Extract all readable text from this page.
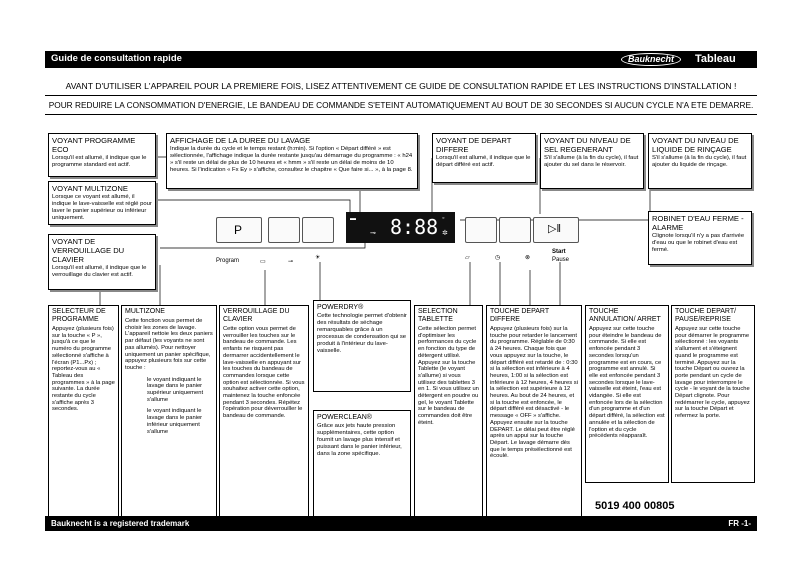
Guide de consultation rapide	Bauknecht	Tableau
AVANT D'UTILISER L'APPAREIL POUR LA PREMIERE FOIS, LISEZ ATTENTIVEMENT CE GUIDE DE CONSULTATION RAPIDE ET LES INSTRUCTIONS D'INSTALLATION !
POUR REDUIRE LA CONSOMMATION D'ENERGIE, LE BANDEAU DE COMMANDE S'ETEINT AUTOMATIQUEMENT AU BOUT DE 30 SECONDES SI AUCUN CYCLE N'A ETE DEMARRE.
VOYANT PROGRAMME ECO
Lorsqu'il est allumé, il indique que le programme standard est actif.
VOYANT MULTIZONE
Lorsque ce voyant est allumé, il indique le lave-vaisselle est réglé pour laver le panier supérieur ou inférieur uniquement.
VOYANT DE VERROUILLAGE DU CLAVIER
Lorsqu'il est allumé, il indique que le verrouillage du clavier est actif.
AFFICHAGE DE LA DUREE DU LAVAGE
Indique la durée du cycle et le temps restant (h:min). Si l'option « Départ différé » est sélectionnée, l'affichage indique la durée restante jusqu'au démarrage du programme : « h24 » s'il reste un délai de plus de 10 heures et « hmm » s'il reste un délai de moins de 10 heures. Si l'indication « Fx Ey » s'affiche, consultez le chapitre « Que faire si... », à la page 8.
VOYANT DE DEPART DIFFERE
Lorsqu'il est allumé, il indique que le départ différé est actif.
VOYANT DU NIVEAU DE SEL REGENERANT
S'il s'allume (à la fin du cycle), il faut ajouter du sel dans le réservoir.
VOYANT DU NIVEAU DE LIQUIDE DE RINÇAGE
S'il s'allume (à la fin du cycle), il faut ajouter du liquide de rinçage.
ROBINET D'EAU FERME - ALARME
Clignote lorsqu'il n'y a pas d'arrivée d'eau ou que le robinet d'eau est fermé.
P	▷‖
▬ 8:88
⊸
◦
✲
Program	▭	⊸
☀	▱	◷	⊗
Start
Pause
SELECTEUR DE PROGRAMME
Appuyez (plusieurs fois) sur la touche « P », jusqu'à ce que le numéro du programme sélectionné s'affiche à l'écran (P1...Px) ; reportez-vous au « Tableau des programmes » à la page suivante. La durée restante du cycle s'affiche après 3 secondes.
MULTIZONE
Cette fonction vous permet de choisir les zones de lavage. L'appareil nettoie les deux paniers par défaut (les voyants ne sont pas allumés). Pour nettoyer uniquement un panier spécifique, appuyez plusieurs fois sur cette touche :
le voyant indiquant le lavage dans le panier supérieur uniquement s'allume
le voyant indiquant le lavage dans le panier inférieur uniquement s'allume
VERROUILLAGE DU CLAVIER
Cette option vous permet de verrouiller les touches sur le bandeau de commande. Les enfants ne risquent pas dermarrer accidentellement le lave-vaisselle en appuyant sur les touches du bandeau de commandes lorsque cette option est sélectionnée. Si vous souhaitez activer cette option, maintenez la touche enfoncée pendant 3 secondes. Répétez l'opération pour déverrouiller le bandeau de commande.
POWERDRY®
Cette technologie permet d'obtenir des résultats de séchage remarquables grâce à un processus de condensation qui se produit à l'intérieur du lave-vaisselle.
POWERCLEAN®
Grâce aux jets haute pression supplémentaires, cette option fournit un lavage plus intensif et puissant dans le panier inférieur, dans la zone spécifique.
SELECTION TABLETTE
Cette sélection permet d'optimiser les performances du cycle en fonction du type de détergent utilisé. Appuyez sur la touche Tablette (le voyant s'allume) si vous utilisez des tablettes 3 en 1. Si vous utilisez un détergent en poudre ou gel, le voyant Tablette sur le bandeau de commandes doit être éteint.
TOUCHE DEPART DIFFERE
Appuyez (plusieurs fois) sur la touche pour retarder le lancement du programme. Réglable de 0:30 à 24 heures. Chaque fois que vous appuyez sur la touche, le départ différé est retardé de : 0:30 si la sélection est inférieure à 4 heures, 1:00 si la sélection est inférieure à 12 heures, 4 heures si la sélection est supérieure à 12 heures. Au bout de 24 heures, et si la touche est enfoncée, le départ différé est désactivé - le message « OFF » s'affiche. Appuyez ensuite sur la touche DEPART. Le délai peut être réglé après un appui sur la touche Départ. Le lavage démarre dès que le temps présélectionné est écoulé.
TOUCHE ANNULATION/ ARRET
Appuyez sur cette touche pour éteindre le bandeau de commande. Si elle est enfoncée pendant 3 secondes lorsqu'un programme est en cours, ce programme est annulé. Si elle est enfoncée pendant 3 secondes lorsque le lave-vaisselle est éteint, l'eau est vidangée. Si elle est enfoncée lors de la sélection d'un programme et d'un départ différé, la sélection est annulée et la sélection de l'option et du cycle précédents réapparaît.
TOUCHE DEPART/ PAUSE/REPRISE
Appuyez sur cette touche pour démarrer le programme sélectionné : les voyants s'allument et s'éteignent quand le programme est terminé. Appuyez sur la touche Départ ou ouvrez la porte pendant un cycle de lavage pour interrompre le cycle - le voyant de la touche Départ clignote. Pour redémarrer le cycle, appuyez sur la touche Départ et refermez la porte.
5019 400 00805
Bauknecht is a registered trademark	FR -1-
